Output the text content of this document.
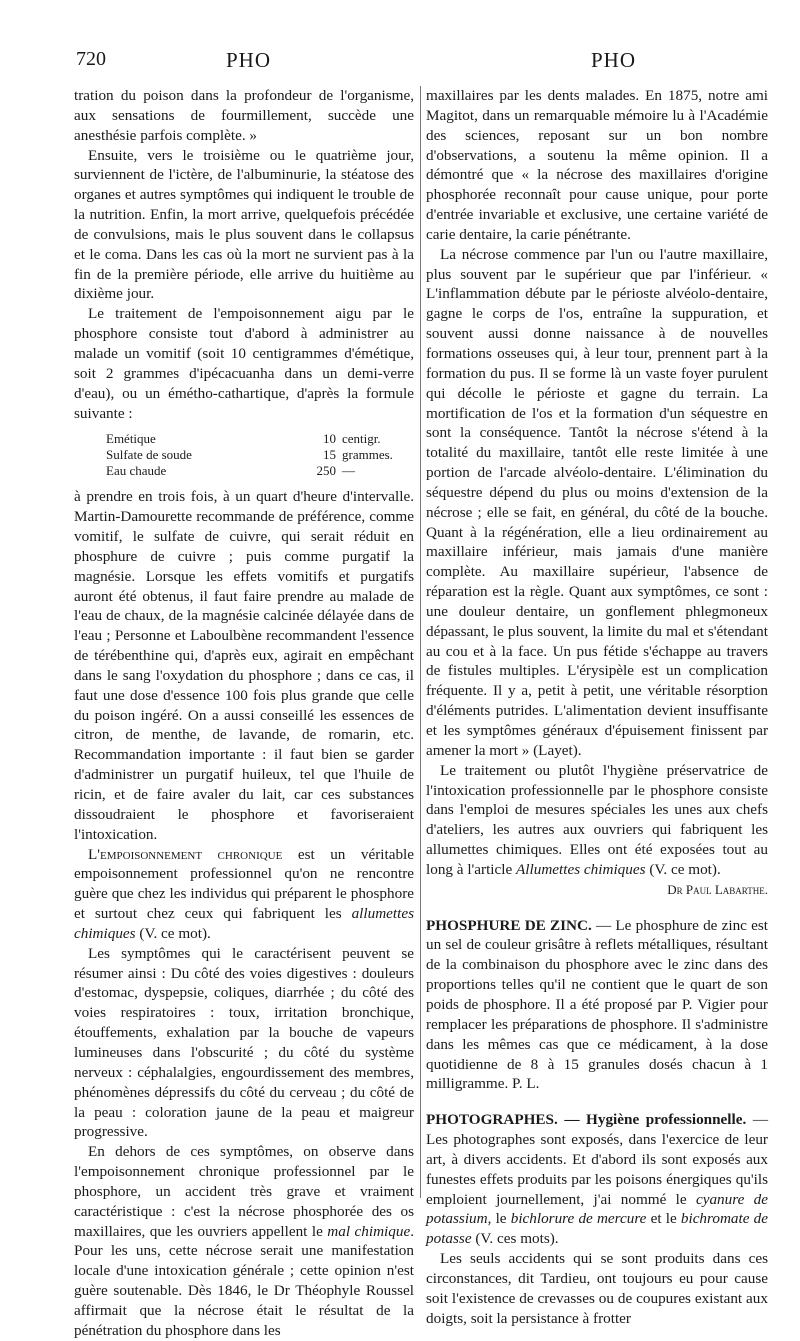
720	PHO	PHO

tration du poison dans la profondeur de l'organisme, aux sensations de fourmillement, succède une anesthésie parfois complète. »

Ensuite, vers le troisième ou le quatrième jour, surviennent de l'ictère, de l'albuminurie, la stéatose des organes et autres symptômes qui indiquent le trouble de la nutrition. Enfin, la mort arrive, quelquefois précédée de convulsions, mais le plus souvent dans le collapsus et le coma. Dans les cas où la mort ne survient pas à la fin de la première période, elle arrive du huitième au dixième jour.

Le traitement de l'empoisonnement aigu par le phosphore consiste tout d'abord à administrer au malade un vomitif (soit 10 centigrammes d'émétique, soit 2 grammes d'ipécacuanha dans un demi-verre d'eau), ou un émétho-cathartique, d'après la formule suivante :

Emétique	10 centigr.
Sulfate de soude	15 grammes.
Eau chaude	250 —

à prendre en trois fois, à un quart d'heure d'intervalle. Martin-Damourette recommande de préférence, comme vomitif, le sulfate de cuivre, qui serait réduit en phosphure de cuivre ; puis comme purgatif la magnésie. Lorsque les effets vomitifs et purgatifs auront été obtenus, il faut faire prendre au malade de l'eau de chaux, de la magnésie calcinée délayée dans de l'eau ; Personne et Laboulbène recommandent l'essence de térébenthine qui, d'après eux, agirait en empêchant dans le sang l'oxydation du phosphore ; dans ce cas, il faut une dose d'essence 100 fois plus grande que celle du poison ingéré. On a aussi conseillé les essences de citron, de menthe, de lavande, de romarin, etc. Recommandation importante : il faut bien se garder d'administrer un purgatif huileux, tel que l'huile de ricin, et de faire avaler du lait, car ces substances dissoudraient le phosphore et favoriseraient l'intoxication.

L'empoisonnement chronique est un véritable empoisonnement professionnel qu'on ne rencontre guère que chez les individus qui préparent le phosphore et surtout chez ceux qui fabriquent les allumettes chimiques (V. ce mot).

Les symptômes qui le caractérisent peuvent se résumer ainsi : Du côté des voies digestives : douleurs d'estomac, dyspepsie, coliques, diarrhée ; du côté des voies respiratoires : toux, irritation bronchique, étouffements, exhalation par la bouche de vapeurs lumineuses dans l'obscurité ; du côté du système nerveux : céphalalgies, engourdissement des membres, phénomènes dépressifs du côté du cerveau ; du côté de la peau : coloration jaune de la peau et maigreur progressive.

En dehors de ces symptômes, on observe dans l'empoisonnement chronique professionnel par le phosphore, un accident très grave et vraiment caractéristique : c'est la nécrose phosphorée des os maxillaires, que les ouvriers appellent le mal chimique. Pour les uns, cette nécrose serait une manifestation locale d'une intoxication générale ; cette opinion n'est guère soutenable. Dès 1846, le Dr Théophyle Roussel affirmait que la nécrose était le résultat de la pénétration du phosphore dans les

maxillaires par les dents malades. En 1875, notre ami Magitot, dans un remarquable mémoire lu à l'Académie des sciences, reposant sur un bon nombre d'observations, a soutenu la même opinion. Il a démontré que « la nécrose des maxillaires d'origine phosphorée reconnaît pour cause unique, pour porte d'entrée invariable et exclusive, une certaine variété de carie dentaire, la carie pénétrante.

La nécrose commence par l'un ou l'autre maxillaire, plus souvent par le supérieur que par l'inférieur. « L'inflammation débute par le périoste alvéolo-dentaire, gagne le corps de l'os, entraîne la suppuration, et souvent aussi donne naissance à de nouvelles formations osseuses qui, à leur tour, prennent part à la formation du pus. Il se forme là un vaste foyer purulent qui décolle le périoste et gagne du terrain. La mortification de l'os et la formation d'un séquestre en sont la conséquence. Tantôt la nécrose s'étend à la totalité du maxillaire, tantôt elle reste limitée à une portion de l'arcade alvéolo-dentaire. L'élimination du séquestre dépend du plus ou moins d'extension de la nécrose ; elle se fait, en général, du côté de la bouche. Quant à la régénération, elle a lieu ordinairement au maxillaire inférieur, mais jamais d'une manière complète. Au maxillaire supérieur, l'absence de réparation est la règle. Quant aux symptômes, ce sont : une douleur dentaire, un gonflement phlegmoneux dépassant, le plus souvent, la limite du mal et s'étendant au cou et à la face. Un pus fétide s'échappe au travers de fistules multiples. L'érysipèle est un complication fréquente. Il y a, petit à petit, une véritable résorption d'éléments putrides. L'alimentation devient insuffisante et les symptômes généraux d'épuisement finissent par amener la mort » (Layet).

Le traitement ou plutôt l'hygiène préservatrice de l'intoxication professionnelle par le phosphore consiste dans l'emploi de mesures spéciales les unes aux chefs d'ateliers, les autres aux ouvriers qui fabriquent les allumettes chimiques. Elles ont été exposées tout au long à l'article Allumettes chimiques (V. ce mot).

Dr Paul Labarthe.

PHOSPHURE DE ZINC. — Le phosphure de zinc est un sel de couleur grisâtre à reflets métalliques, résultant de la combinaison du phosphore avec le zinc dans des proportions telles qu'il ne contient que le quart de son poids de phosphore. Il a été proposé par P. Vigier pour remplacer les préparations de phosphore. Il s'administre dans les mêmes cas que ce médicament, à la dose quotidienne de 8 à 15 granules dosés chacun à 1 milligramme. P. L.

PHOTOGRAPHES. — Hygiène professionnelle. — Les photographes sont exposés, dans l'exercice de leur art, à divers accidents. Et d'abord ils sont exposés aux funestes effets produits par les poisons énergiques qu'ils emploient journellement, j'ai nommé le cyanure de potassium, le bichlorure de mercure et le bichromate de potasse (V. ces mots).

Les seuls accidents qui se sont produits dans ces circonstances, dit Tardieu, ont toujours eu pour cause soit l'existence de crevasses ou de coupures existant aux doigts, soit la persistance à frotter
